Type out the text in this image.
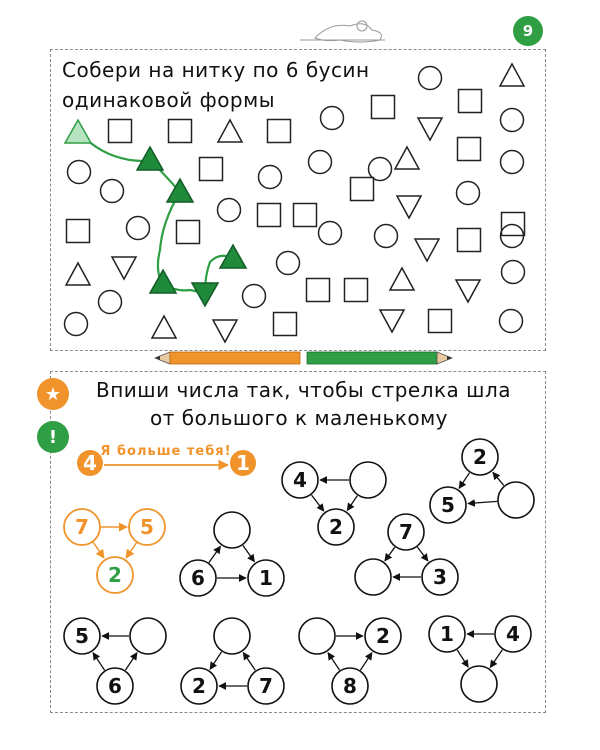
9
Собери на нитку по 6 бусин
одинаковой формы
Впиши числа так, чтобы стрелка шла
от большого к маленькому
★
!
4	1
Я больше тебя!
7	5
2
4
2
2
5
6	1
7
3
5
6	2	7
2
8
1	4
